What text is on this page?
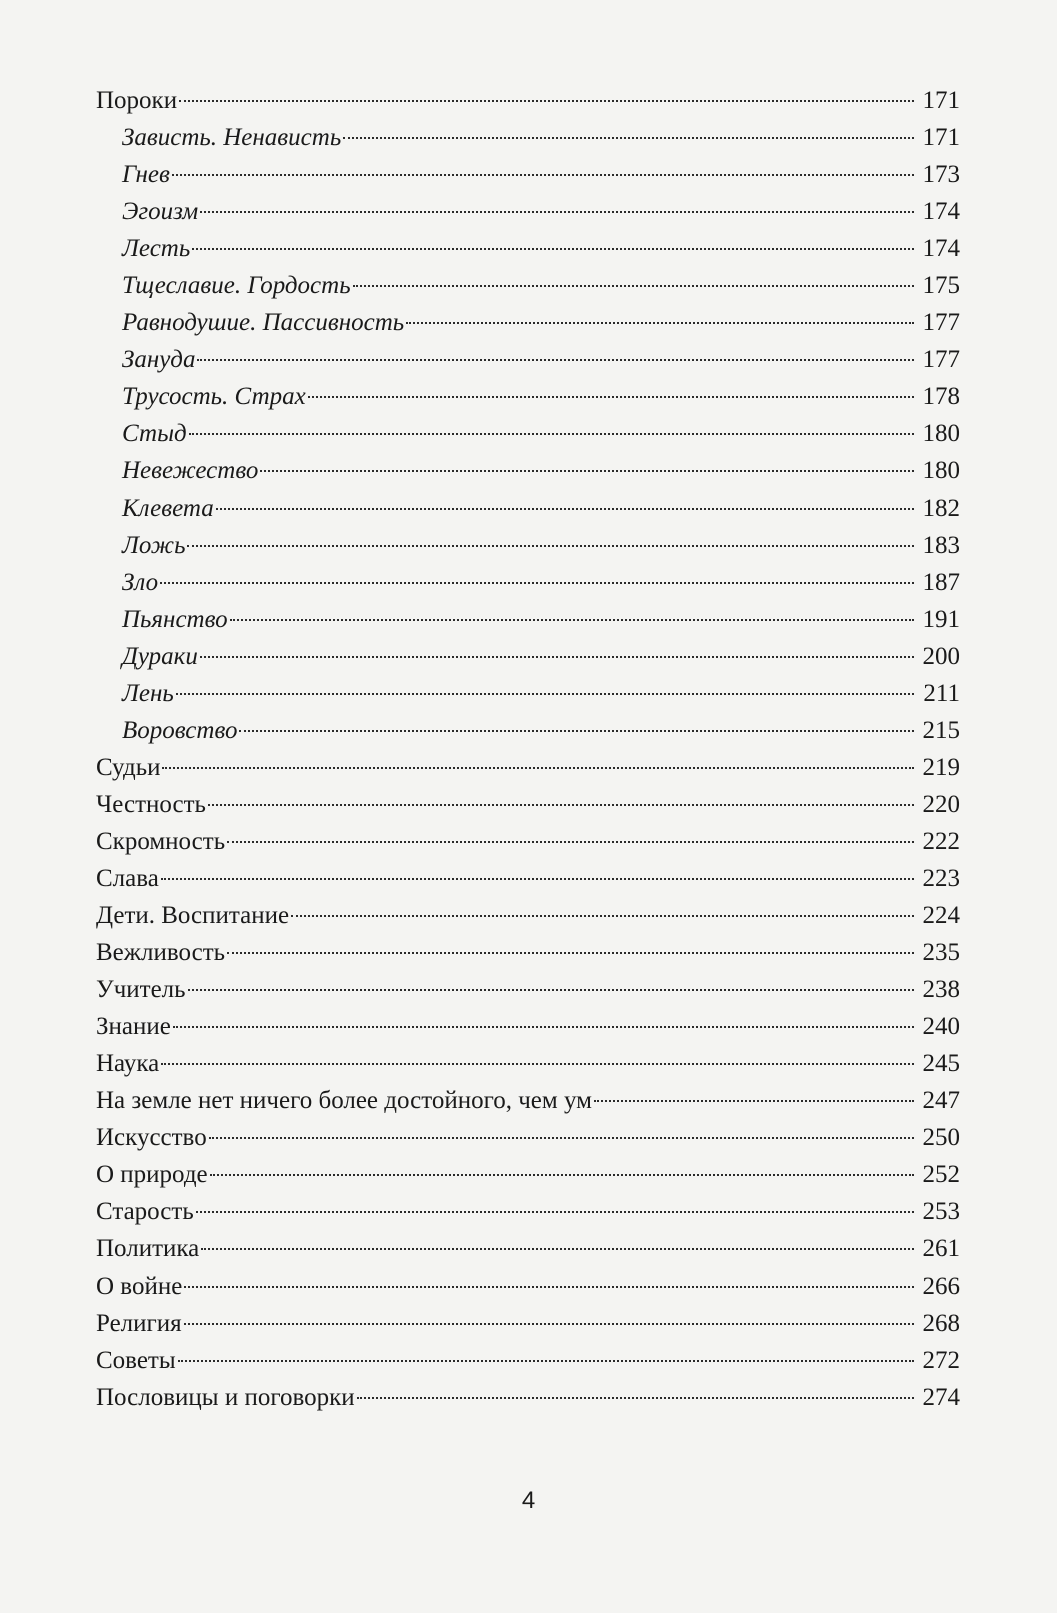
Пороки	171
Зависть. Ненависть	171
Гнев	173
Эгоизм	174
Лесть	174
Тщеславие. Гордость	175
Равнодушие. Пассивность	177
Зануда	177
Трусость. Страх	178
Стыд	180
Невежество	180
Клевета	182
Ложь	183
Зло	187
Пьянство	191
Дураки	200
Лень	211
Воровство	215
Судьи	219
Честность	220
Скромность	222
Слава	223
Дети. Воспитание	224
Вежливость	235
Учитель	238
Знание	240
Наука	245
На земле нет ничего более достойного, чем ум	247
Искусство	250
О природе	252
Старость	253
Политика	261
О войне	266
Религия	268
Советы	272
Пословицы и поговорки	274
4
